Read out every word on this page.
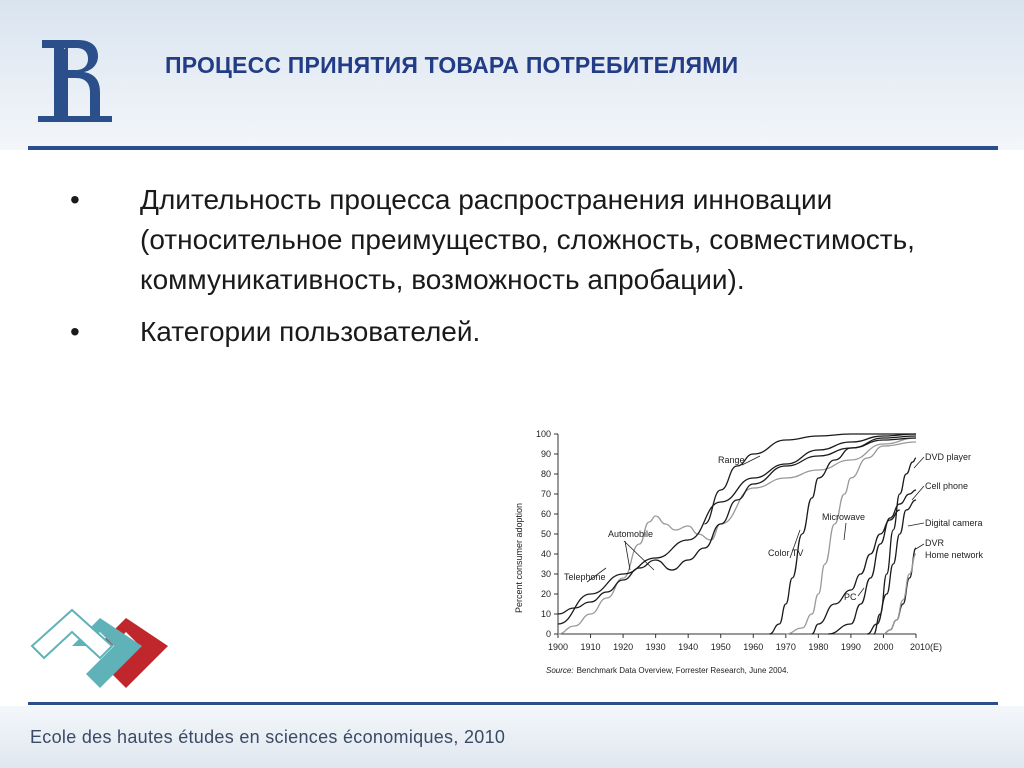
ПРОЦЕСС ПРИНЯТИЯ ТОВАРА ПОТРЕБИТЕЛЯМИ
• Длительность процесса распространения инновации (относительное преимущество, сложность, совместимость, коммуникативность, возможность апробации).
• Категории пользователей.
0
10
20
30
40
50
60
70
80
90
100
1900 1910 1920 1930 1940 1950 1960 1970 1980 1990 2000 2010(E)
Percent consumer adoption
Range
Automobile
Telephone
Color TV
Microwave
PC
DVD player
Cell phone
Digital camera
DVR
Home network
Source: Benchmark Data Overview, Forrester Research, June 2004.
Ecole des hautes études en sciences économiques, 2010
